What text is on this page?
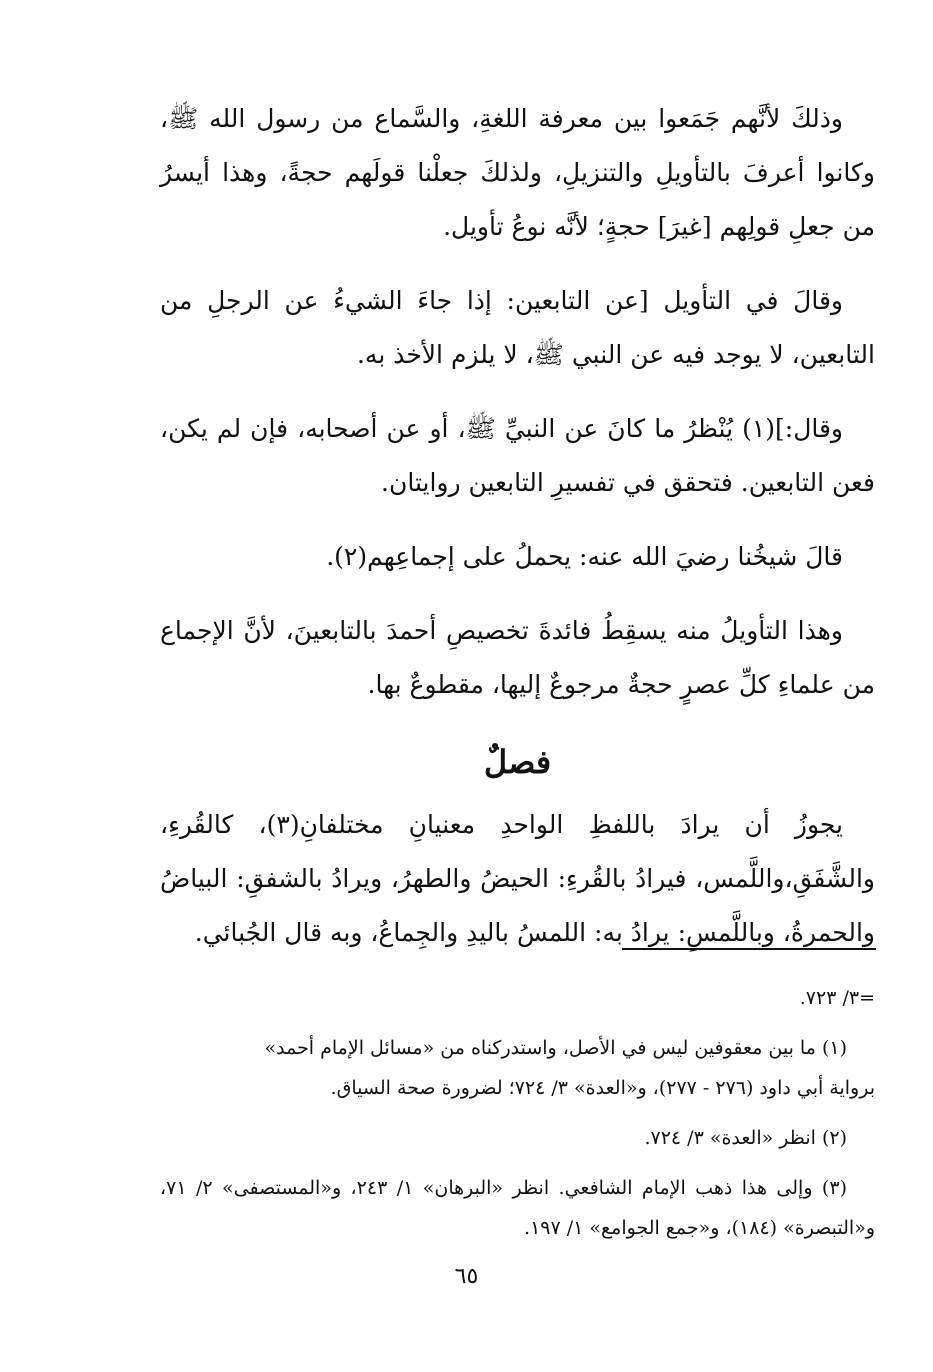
وذلكَ لأنَّهم جَمَعوا بين معرفة اللغةِ، والسَّماع من رسول الله ﷺ، وكانوا أعرفَ بالتأويلِ والتنزيلِ، ولذلكَ جعلْنا قولَهم حجةً، وهذا أيسرُ من جعلِ قولِهم [غيرَ] حجةٍ؛ لأنَّه نوعُ تأويل.

وقالَ في التأويل [عن التابعين: إذا جاءَ الشيءُ عن الرجلِ من التابعين، لا يوجد فيه عن النبي ﷺ، لا يلزم الأخذ به.

وقال:](١) يُنْظرُ ما كانَ عن النبيِّ ﷺ، أو عن أصحابه، فإن لم يكن، فعن التابعين. فتحقق في تفسيرِ التابعين روايتان.

قالَ شيخُنا رضيَ الله عنه: يحملُ على إجماعِهم(٢).

وهذا التأويلُ منه يسقِطُ فائدةَ تخصيصِ أحمدَ بالتابعينَ، لأنَّ الإجماع من علماءِ كلِّ عصرٍ حجةٌ مرجوعٌ إليها، مقطوعٌ بها.

فصلٌ

يجوزُ أن يرادَ باللفظِ الواحدِ معنيانِ مختلفانِ(٣)، كالقُرءِ، والشَّفَقِ،واللَّمس، فيرادُ بالقُرءِ: الحيضُ والطهرُ، ويرادُ بالشفقِ: البياضُ والحمرةُ، وباللَّمسِ: يرادُ به: اللمسُ باليدِ والجِماعُ، وبه قال الجُبائي.

=٣/ ٧٢٣.

(١) ما بين معقوفين ليس في الأصل، واستدركناه من «مسائل الإمام أحمد»

برواية أبي داود (٢٧٦ - ٢٧٧)، و«العدة» ٣/ ٧٢٤؛ لضرورة صحة السياق.

(٢) انظر «العدة» ٣/ ٧٢٤.

(٣) وإلى هذا ذهب الإمام الشافعي. انظر «البرهان» ١/ ٢٤٣، و«المستصفى» ٢/ ٧١، و«التبصرة» (١٨٤)، و«جمع الجوامع» ١/ ١٩٧.

٦٥
